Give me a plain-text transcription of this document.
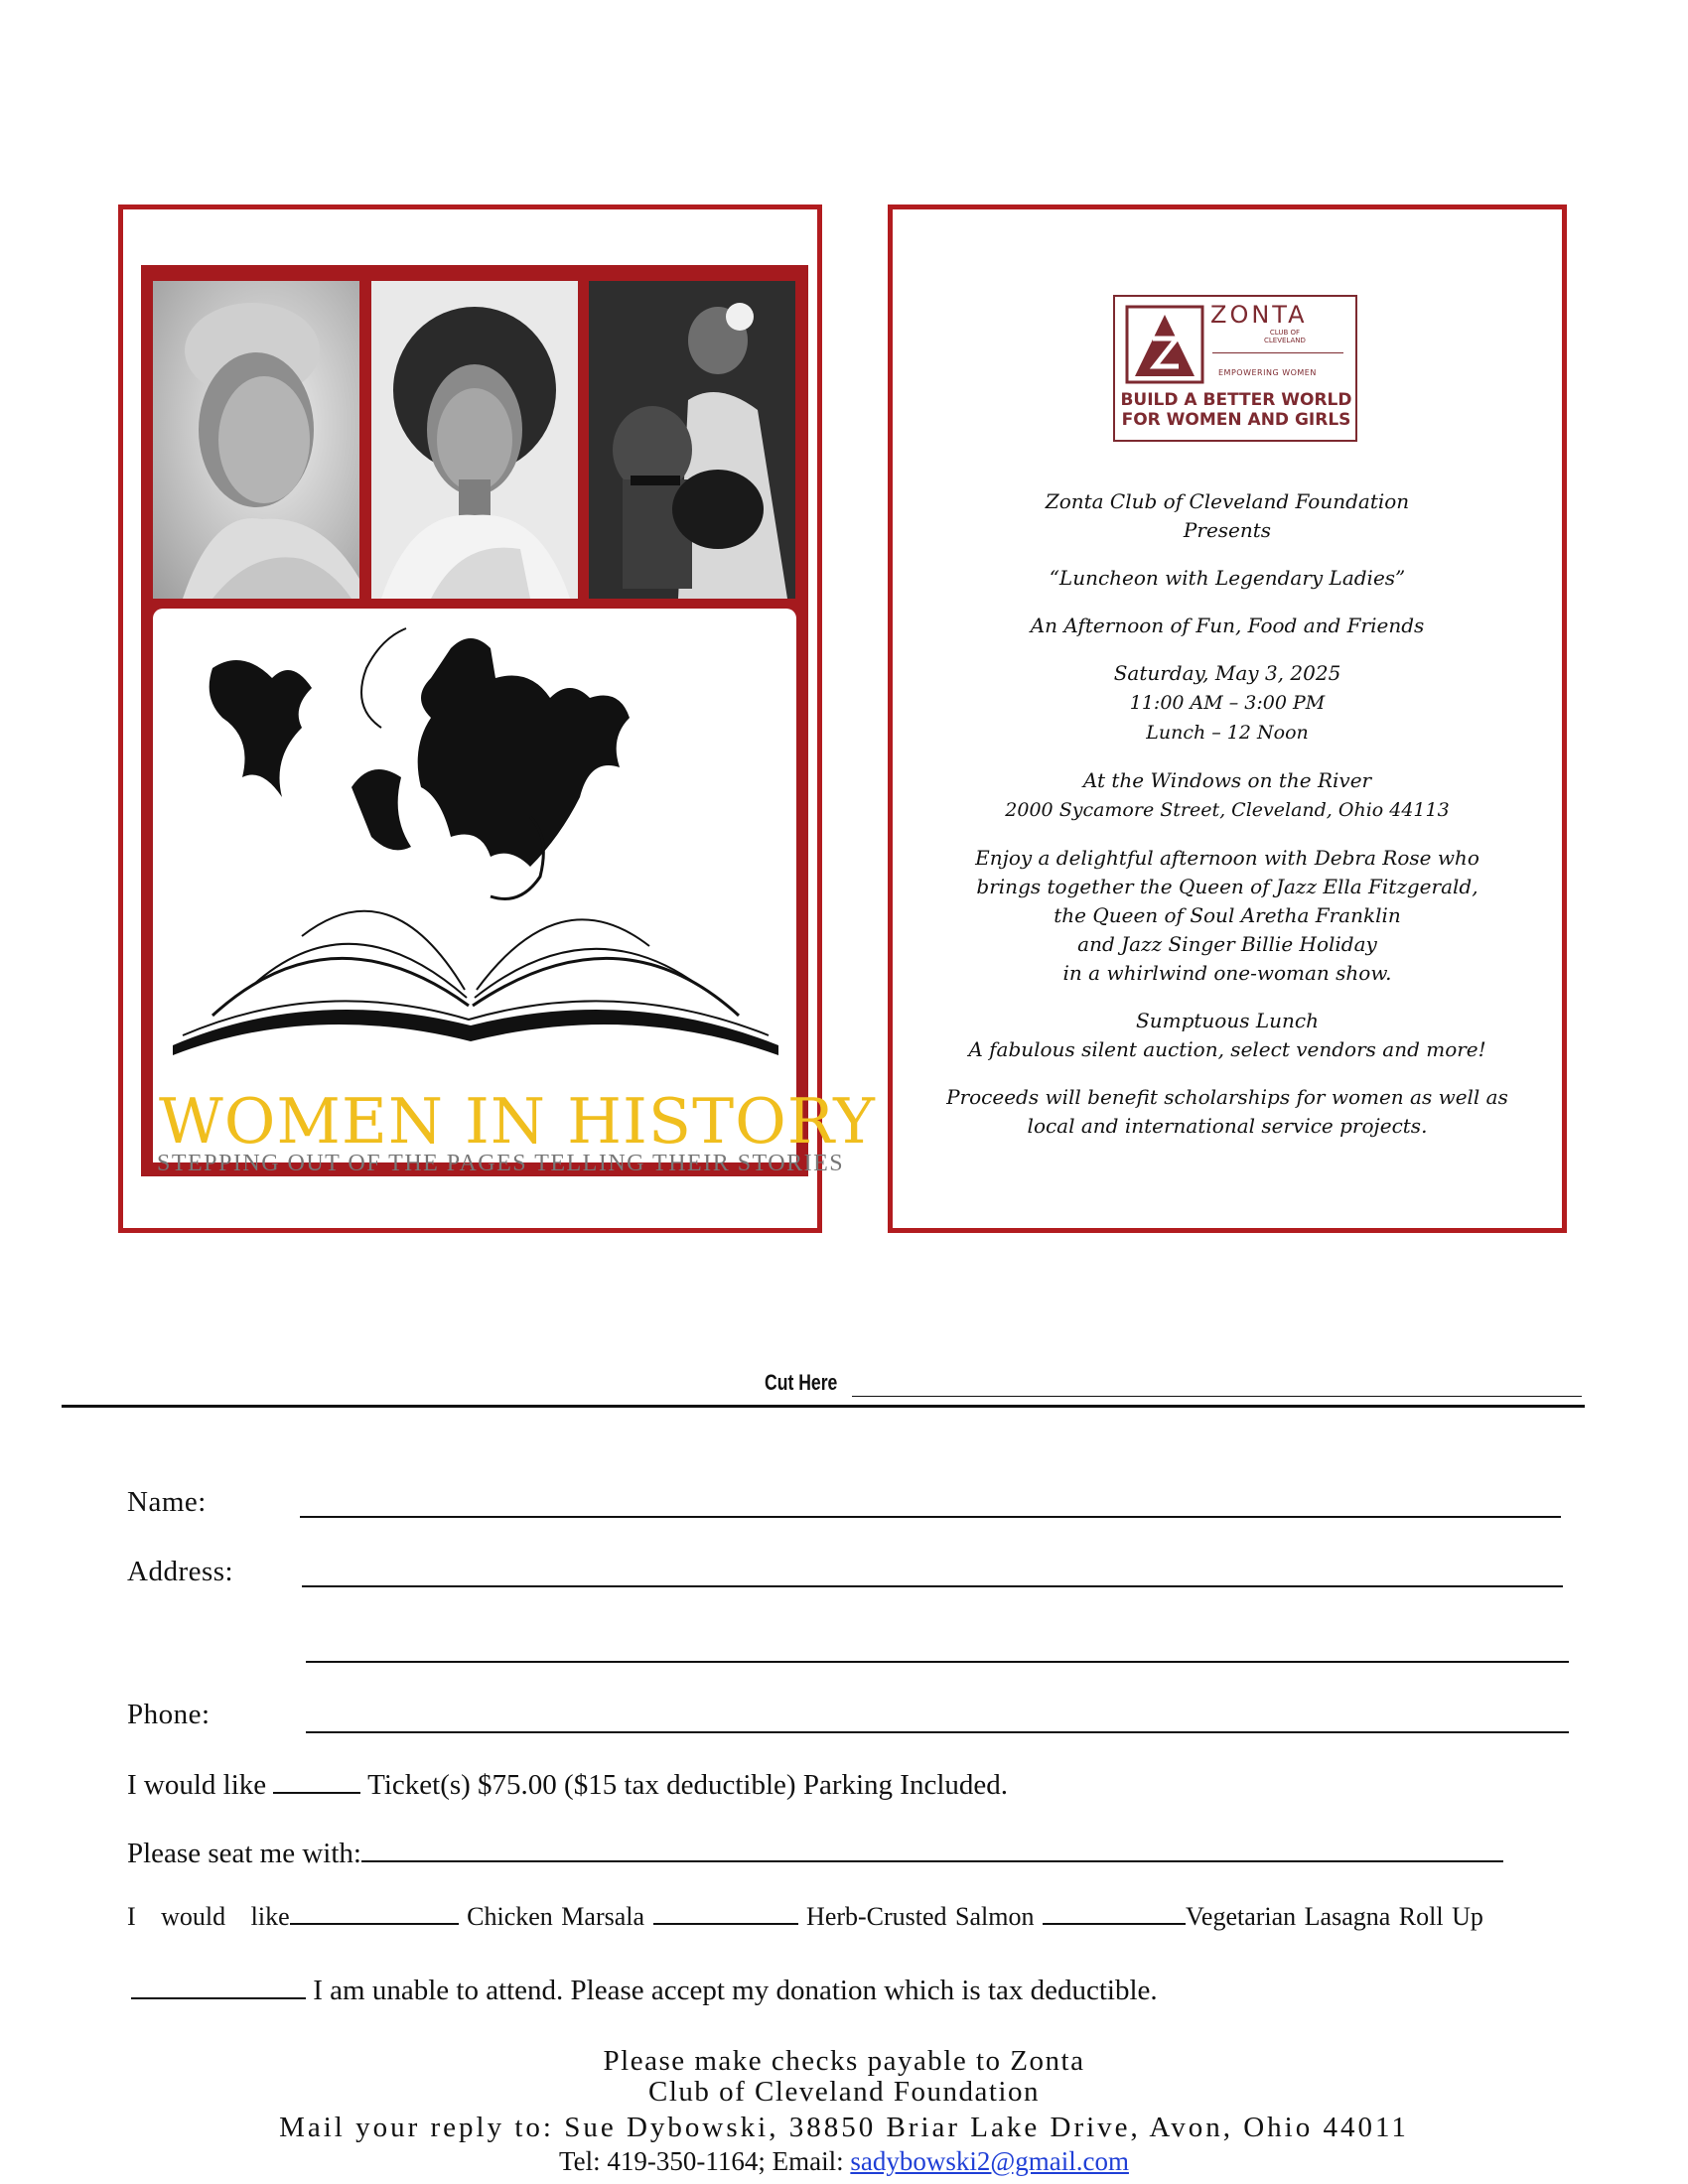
WOMEN IN HISTORY
STEPPING OUT OF THE PAGES TELLING THEIR STORIES
ZONTA
CLUB OF
CLEVELAND
EMPOWERING WOMEN
BUILD A BETTER WORLD
FOR WOMEN AND GIRLS

Zonta Club of Cleveland Foundation
Presents

“Luncheon with Legendary Ladies”

An Afternoon of Fun, Food and Friends

Saturday, May 3, 2025
11:00 AM – 3:00 PM
Lunch – 12 Noon

At the Windows on the River
2000 Sycamore Street, Cleveland, Ohio 44113

Enjoy a delightful afternoon with Debra Rose who
brings together the Queen of Jazz Ella Fitzgerald,
the Queen of Soul Aretha Franklin
and Jazz Singer Billie Holiday
in a whirlwind one-woman show.

Sumptuous Lunch
A fabulous silent auction, select vendors and more!

Proceeds will benefit scholarships for women as well as
local and international service projects.

Cut Here
Name:
Address:
Phone:
I would like	Ticket(s) $75.00 ($15 tax deductible) Parking Included.
Please seat me with:
I   would   like	Chicken Marsala	Herb-Crusted Salmon	Vegetarian Lasagna Roll Up
I am unable to attend. Please accept my donation which is tax deductible.
Please make checks payable to Zonta
Club of Cleveland Foundation
Mail your reply to: Sue Dybowski, 38850 Briar Lake Drive, Avon, Ohio 44011
Tel: 419-350-1164; Email: sadybowski2@gmail.com
